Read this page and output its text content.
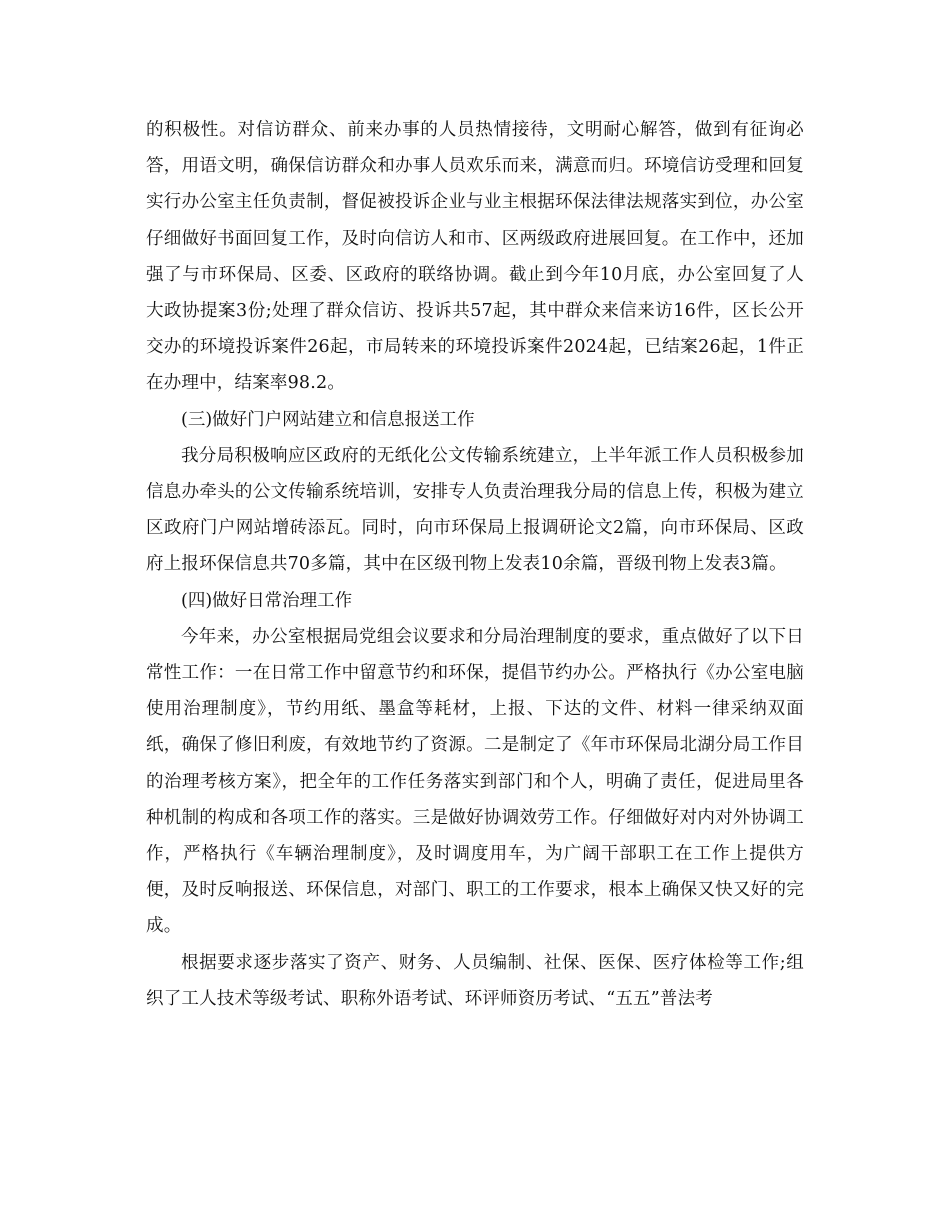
的积极性。对信访群众、前来办事的人员热情接待，文明耐心解答，做到有征询必答，用语文明，确保信访群众和办事人员欢乐而来，满意而归。环境信访受理和回复实行办公室主任负责制，督促被投诉企业与业主根据环保法律法规落实到位，办公室仔细做好书面回复工作，及时向信访人和市、区两级政府进展回复。在工作中，还加强了与市环保局、区委、区政府的联络协调。截止到今年10月底，办公室回复了人大政协提案3份;处理了群众信访、投诉共57起，其中群众来信来访16件，区长公开交办的环境投诉案件26起，市局转来的环境投诉案件2024起，已结案26起，1件正在办理中，结案率98.2。

(三)做好门户网站建立和信息报送工作

我分局积极响应区政府的无纸化公文传输系统建立，上半年派工作人员积极参加信息办牵头的公文传输系统培训，安排专人负责治理我分局的信息上传，积极为建立区政府门户网站增砖添瓦。同时，向市环保局上报调研论文2篇，向市环保局、区政府上报环保信息共70多篇，其中在区级刊物上发表10余篇，晋级刊物上发表3篇。

(四)做好日常治理工作

今年来，办公室根据局党组会议要求和分局治理制度的要求，重点做好了以下日常性工作：一在日常工作中留意节约和环保，提倡节约办公。严格执行《办公室电脑使用治理制度》，节约用纸、墨盒等耗材，上报、下达的文件、材料一律采纳双面纸，确保了修旧利废，有效地节约了资源。二是制定了《年市环保局北湖分局工作目的治理考核方案》，把全年的工作任务落实到部门和个人，明确了责任，促进局里各种机制的构成和各项工作的落实。三是做好协调效劳工作。仔细做好对内对外协调工作，严格执行《车辆治理制度》，及时调度用车，为广阔干部职工在工作上提供方便，及时反响报送、环保信息，对部门、职工的工作要求，根本上确保又快又好的完成。

根据要求逐步落实了资产、财务、人员编制、社保、医保、医疗体检等工作;组织了工人技术等级考试、职称外语考试、环评师资历考试、“五五”普法考
